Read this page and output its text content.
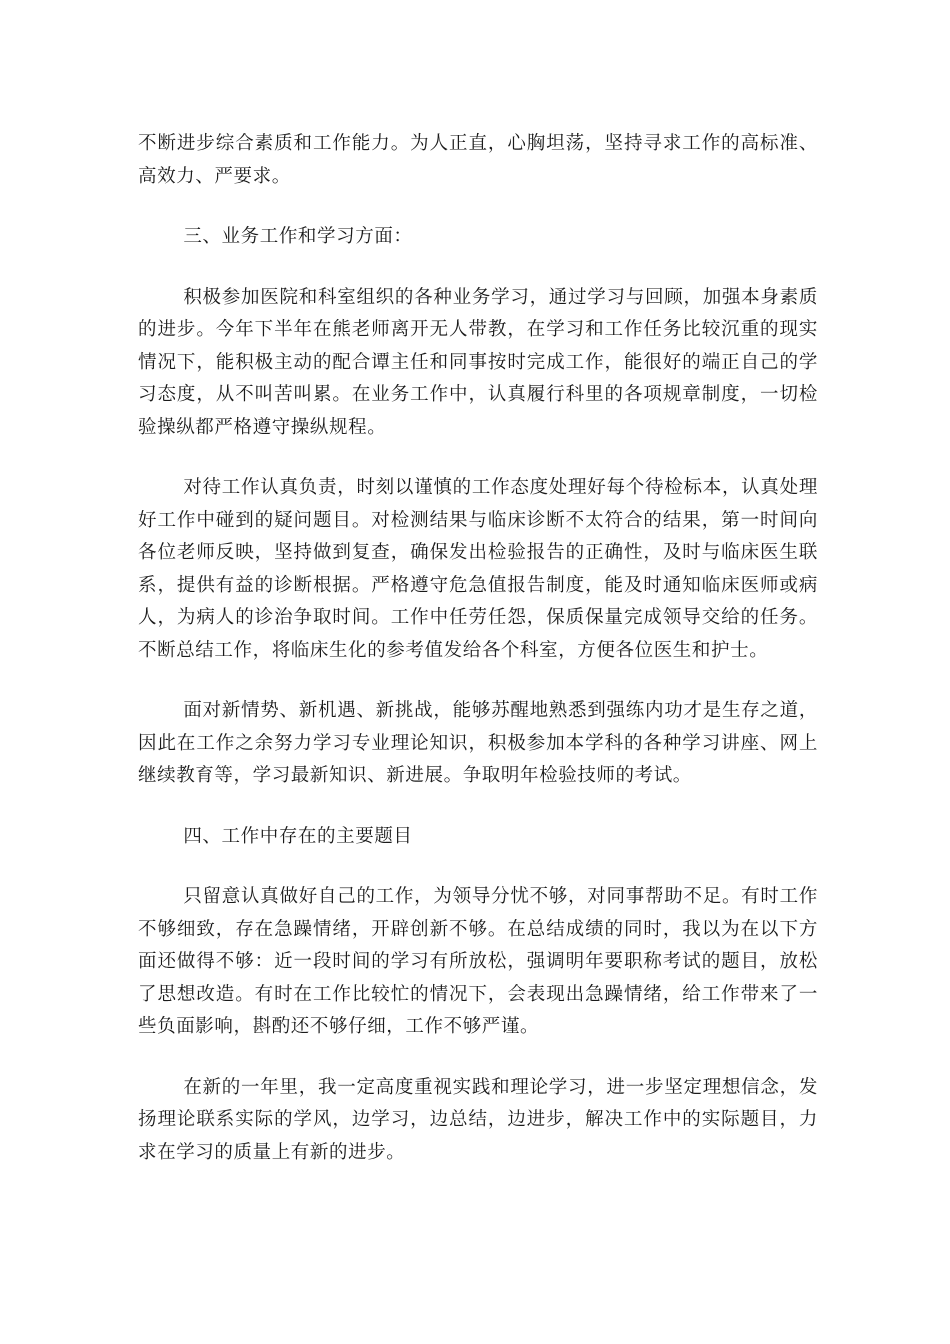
不断进步综合素质和工作能力。为人正直，心胸坦荡，坚持寻求工作的高标准、高效力、严要求。

三、业务工作和学习方面：

积极参加医院和科室组织的各种业务学习，通过学习与回顾，加强本身素质的进步。今年下半年在熊老师离开无人带教，在学习和工作任务比较沉重的现实情况下，能积极主动的配合谭主任和同事按时完成工作，能很好的端正自己的学习态度，从不叫苦叫累。在业务工作中，认真履行科里的各项规章制度，一切检验操纵都严格遵守操纵规程。

对待工作认真负责，时刻以谨慎的工作态度处理好每个待检标本，认真处理好工作中碰到的疑问题目。对检测结果与临床诊断不太符合的结果，第一时间向各位老师反映，坚持做到复查，确保发出检验报告的正确性，及时与临床医生联系，提供有益的诊断根据。严格遵守危急值报告制度，能及时通知临床医师或病人，为病人的诊治争取时间。工作中任劳任怨，保质保量完成领导交给的任务。不断总结工作，将临床生化的参考值发给各个科室，方便各位医生和护士。

面对新情势、新机遇、新挑战，能够苏醒地熟悉到强练内功才是生存之道，因此在工作之余努力学习专业理论知识，积极参加本学科的各种学习讲座、网上继续教育等，学习最新知识、新进展。争取明年检验技师的考试。

四、工作中存在的主要题目

只留意认真做好自己的工作，为领导分忧不够，对同事帮助不足。有时工作不够细致，存在急躁情绪，开辟创新不够。在总结成绩的同时，我以为在以下方面还做得不够：近一段时间的学习有所放松，强调明年要职称考试的题目，放松了思想改造。有时在工作比较忙的情况下，会表现出急躁情绪，给工作带来了一些负面影响，斟酌还不够仔细，工作不够严谨。

在新的一年里，我一定高度重视实践和理论学习，进一步坚定理想信念，发扬理论联系实际的学风，边学习，边总结，边进步，解决工作中的实际题目，力求在学习的质量上有新的进步。
